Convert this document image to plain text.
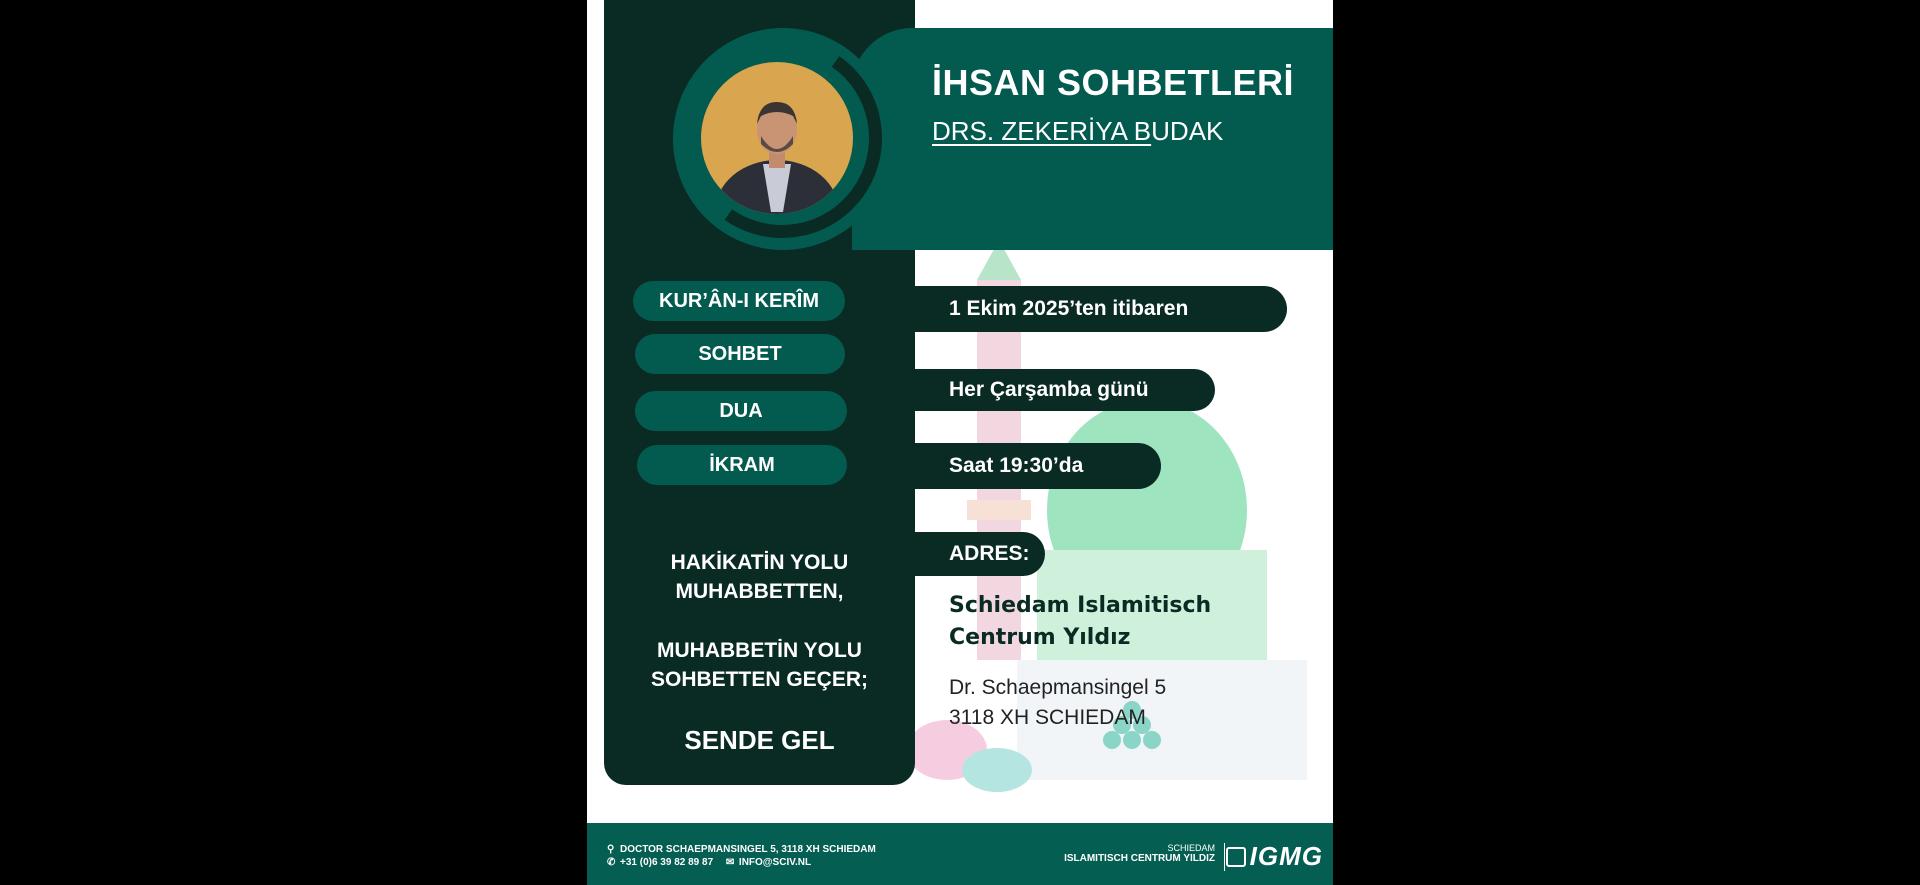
İHSAN SOHBETLERİ
DRS. ZEKERİYA BUDAK
KUR’ÂN-I KERÎM
SOHBET
DUA
İKRAM
1 Ekim 2025’ten itibaren
Her Çarşamba günü
Saat 19:30’da
ADRES:
Schiedam Islamitisch
Centrum Yıldız
Dr. Schaepmansingel 5
3118 XH SCHIEDAM
HAKİKATİN YOLU
MUHABBETTEN,
MUHABBETİN YOLU
SOHBETTEN GEÇER;
SENDE GEL
⚲ DOCTOR SCHAEPMANSINGEL 5, 3118 XH SCHIEDAM
✆ +31 (0)6 39 82 89 87 ✉ INFO@SCIV.NL
SCHIEDAM
ISLAMITISCH CENTRUM YILDIZ	IGMG
